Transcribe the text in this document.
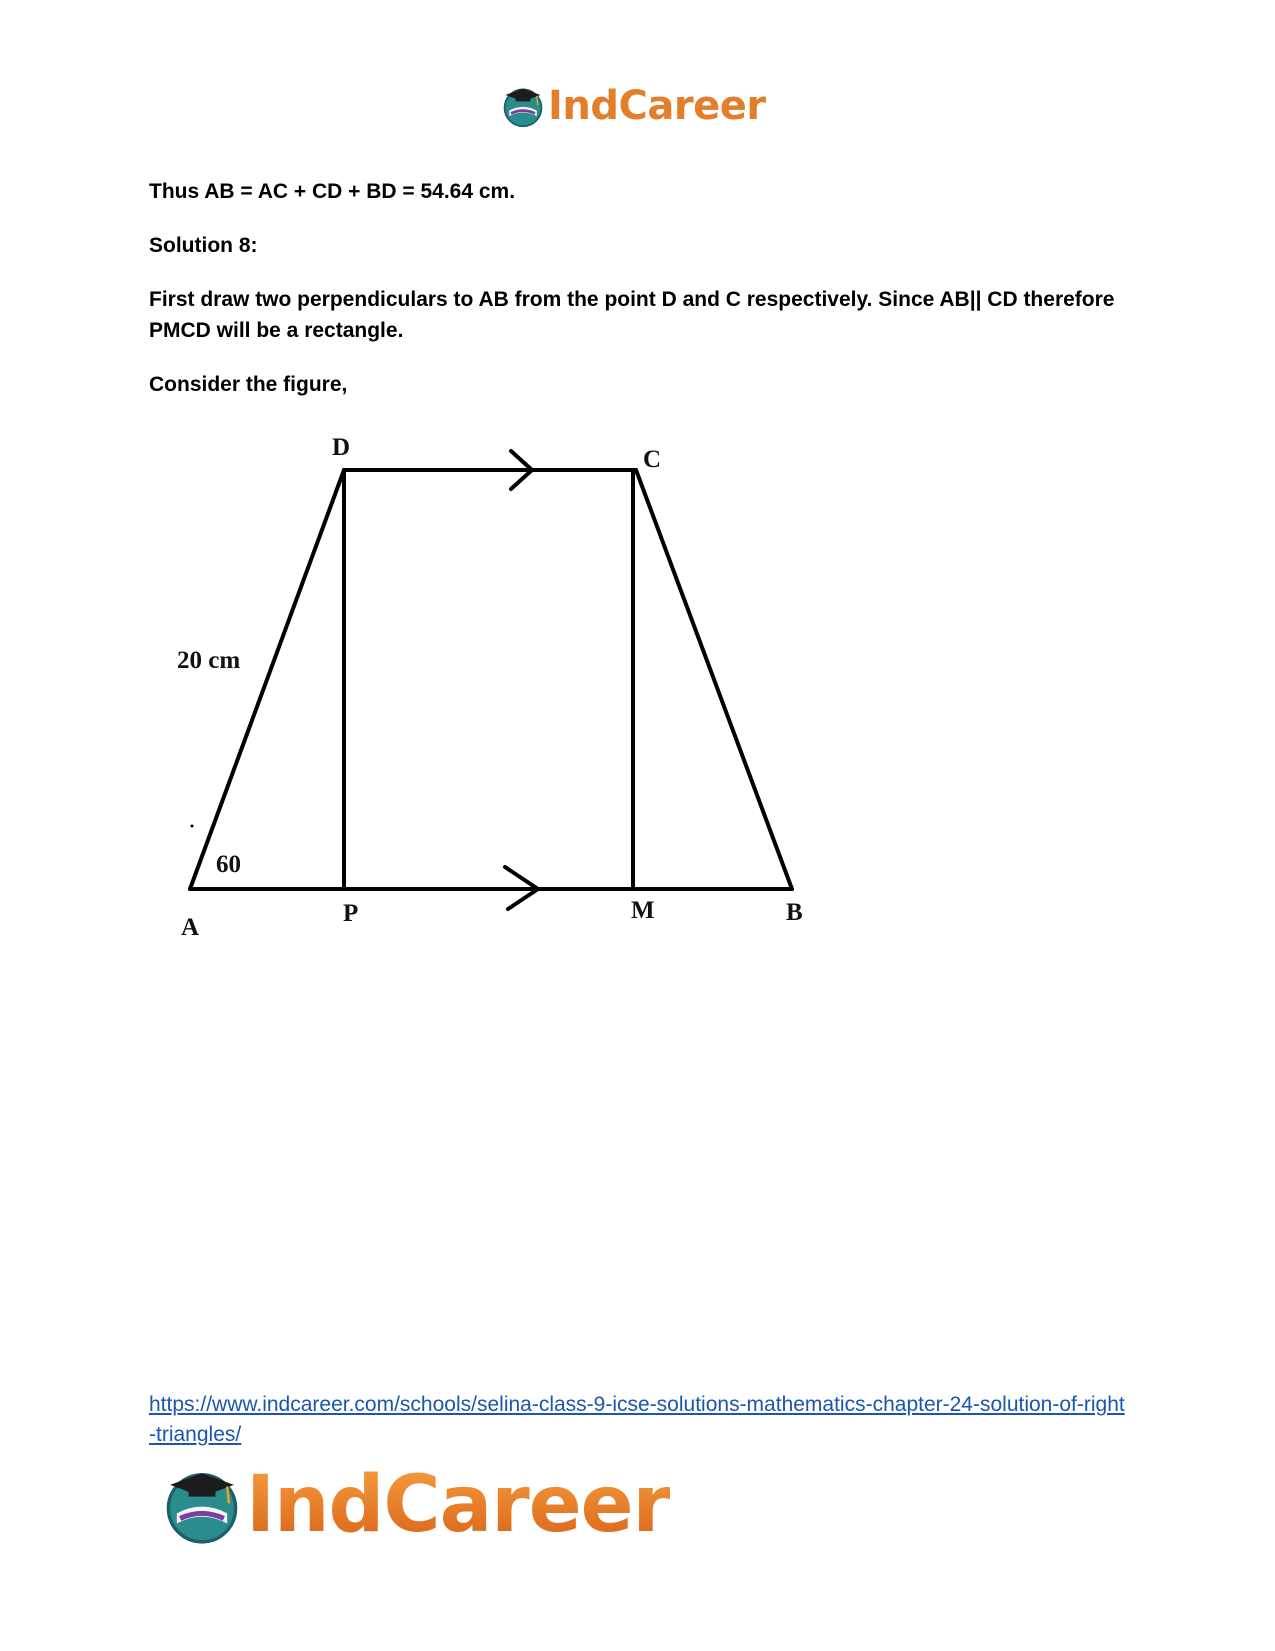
IndCareer

Thus AB = AC + CD + BD = 54.64 cm.

Solution 8:

First draw two perpendiculars to AB from the point D and C respectively. Since AB|| CD therefore PMCD will be a rectangle.

Consider the figure,

D	C
A
P	M	B
20 cm
60
https://www.indcareer.com/schools/selina-class-9-icse-solutions-mathematics-chapter-24-solution-of-right-triangles/
IndCareer
